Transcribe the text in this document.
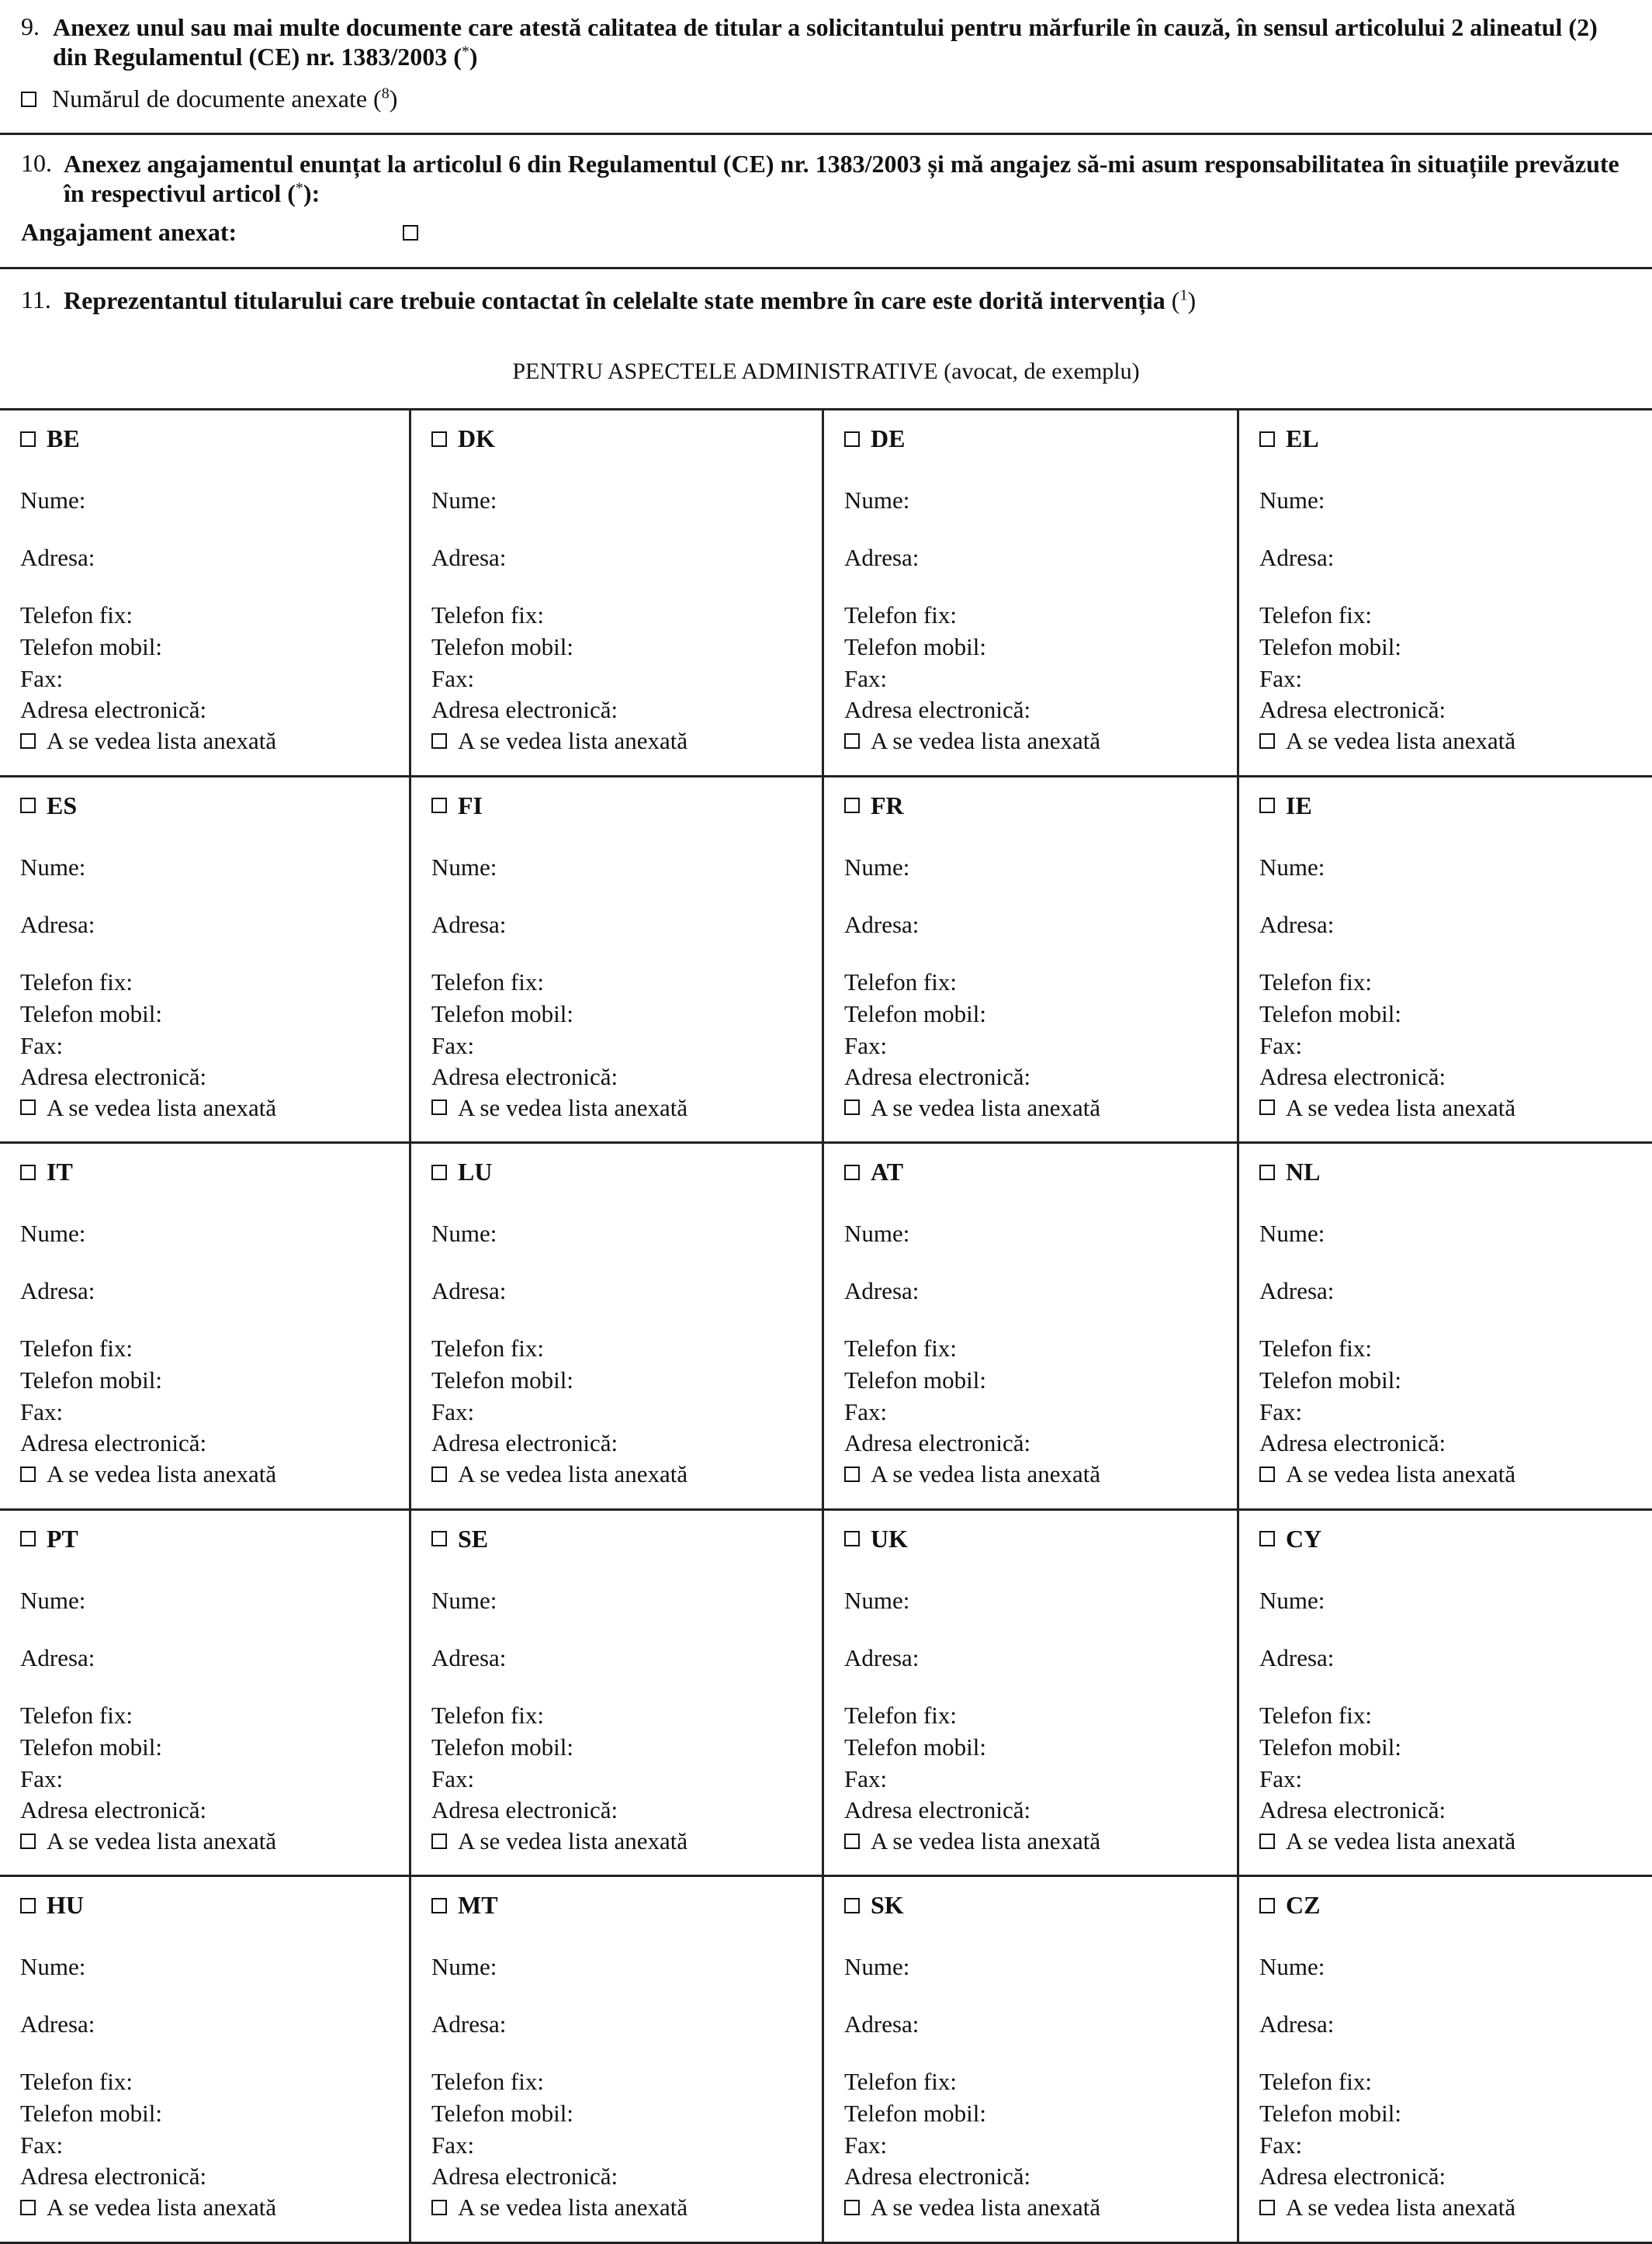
9. Anexez unul sau mai multe documente care atestă calitatea de titular a solicitantului pentru mărfurile în cauză, în sensul articolului 2 alineatul (2)
din Regulamentul (CE) nr. 1383/2003 (*)
Numărul de documente anexate ($^8$)
10. Anexez angajamentul enunțat la articolul 6 din Regulamentul (CE) nr. 1383/2003 și mă angajez să-mi asum responsabilitatea în situațiile prevăzute
în respectivul articol (*):
Angajament anexat:
11. Reprezentantul titularului care trebuie contactat în celelalte state membre în care este dorită intervenția ($^1$)
PENTRU ASPECTELE ADMINISTRATIVE (avocat, de exemplu)
BE
Nume:
Adresa:
Telefon fix:
Telefon mobil:
Fax:
Adresa electronică:
A se vedea lista anexată
DK
Nume:
Adresa:
Telefon fix:
Telefon mobil:
Fax:
Adresa electronică:
A se vedea lista anexată
DE
Nume:
Adresa:
Telefon fix:
Telefon mobil:
Fax:
Adresa electronică:
A se vedea lista anexată
EL
Nume:
Adresa:
Telefon fix:
Telefon mobil:
Fax:
Adresa electronică:
A se vedea lista anexată
ES
Nume:
Adresa:
Telefon fix:
Telefon mobil:
Fax:
Adresa electronică:
A se vedea lista anexată
FI
Nume:
Adresa:
Telefon fix:
Telefon mobil:
Fax:
Adresa electronică:
A se vedea lista anexată
FR
Nume:
Adresa:
Telefon fix:
Telefon mobil:
Fax:
Adresa electronică:
A se vedea lista anexată
IE
Nume:
Adresa:
Telefon fix:
Telefon mobil:
Fax:
Adresa electronică:
A se vedea lista anexată
IT
Nume:
Adresa:
Telefon fix:
Telefon mobil:
Fax:
Adresa electronică:
A se vedea lista anexată
LU
Nume:
Adresa:
Telefon fix:
Telefon mobil:
Fax:
Adresa electronică:
A se vedea lista anexată
AT
Nume:
Adresa:
Telefon fix:
Telefon mobil:
Fax:
Adresa electronică:
A se vedea lista anexată
NL
Nume:
Adresa:
Telefon fix:
Telefon mobil:
Fax:
Adresa electronică:
A se vedea lista anexată
PT
Nume:
Adresa:
Telefon fix:
Telefon mobil:
Fax:
Adresa electronică:
A se vedea lista anexată
SE
Nume:
Adresa:
Telefon fix:
Telefon mobil:
Fax:
Adresa electronică:
A se vedea lista anexată
UK
Nume:
Adresa:
Telefon fix:
Telefon mobil:
Fax:
Adresa electronică:
A se vedea lista anexată
CY
Nume:
Adresa:
Telefon fix:
Telefon mobil:
Fax:
Adresa electronică:
A se vedea lista anexată
HU
Nume:
Adresa:
Telefon fix:
Telefon mobil:
Fax:
Adresa electronică:
A se vedea lista anexată
MT
Nume:
Adresa:
Telefon fix:
Telefon mobil:
Fax:
Adresa electronică:
A se vedea lista anexată
SK
Nume:
Adresa:
Telefon fix:
Telefon mobil:
Fax:
Adresa electronică:
A se vedea lista anexată
CZ
Nume:
Adresa:
Telefon fix:
Telefon mobil:
Fax:
Adresa electronică:
A se vedea lista anexată
